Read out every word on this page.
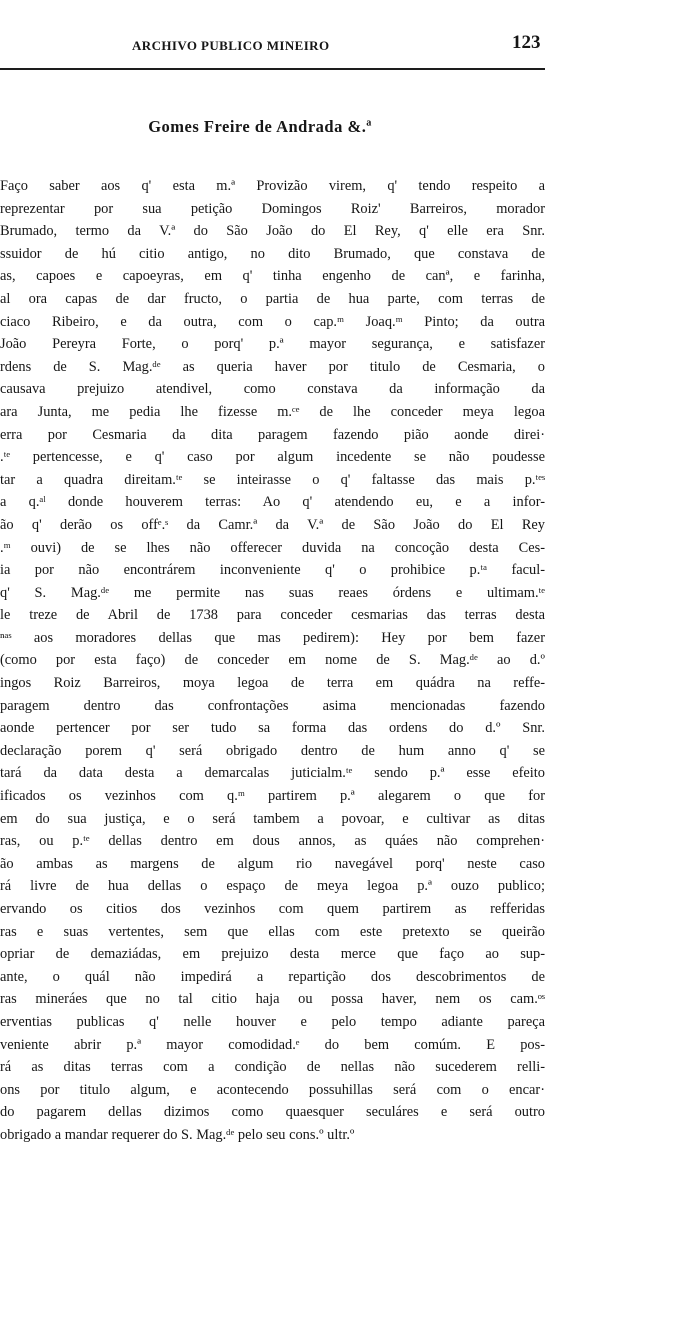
ARCHIVO PUBLICO MINEIRO	123
Gomes Freire de Andrada &.ª
Faço saber aos q' esta m.ª Provizão virem, q' tendo respeito a
reprezentar por sua petição Domingos Roiz' Barreiros, morador
Brumado, termo da V.ª do São João do El Rey, q' elle era Snr.
ssuidor de hú citio antigo, no dito Brumado, que constava de
as, capoes e capoeyras, em q' tinha engenho de canª, e farinha,
al ora capas de dar fructo, o partia de hua parte, com terras de
ciaco Ribeiro, e da outra, com o cap.ᵐ Joaq.ᵐ Pinto; da outra
João Pereyra Forte, o porq' p.ª mayor segurança, e satisfazer
rdens de S. Mag.ᵈᵉ as queria haver por titulo de Cesmaria, o
causava prejuizo atendivel, como constava da informação da
ara Junta, me pedia lhe fizesse m.ᶜᵉ de lhe conceder meya legoa
erra por Cesmaria da dita paragem fazendo pião aonde direi·
.ᵗᵉ pertencesse, e q' caso por algum incedente se não poudesse
tar a quadra direitam.ᵗᵉ se inteirasse o q' faltasse das mais p.ᵗᵉˢ
a q.ᵃˡ donde houverem terras: Ao q' atendendo eu, e a infor-
ão q' derão os offᵉ.ˢ da Camr.ª da V.ª de São João do El Rey
.ᵐ ouvi) de se lhes não offerecer duvida na concoção desta Ces-
ia por não encontrárem inconveniente q' o prohibice p.ᵗᵃ facul-
q' S. Mag.ᵈᵉ me permite nas suas reaes órdens e ultimam.ᵗᵉ
le treze de Abril de 1738 para conceder cesmarias das terras desta
ⁿᵃˢ aos moradores dellas que mas pedirem): Hey por bem fazer
(como por esta faço) de conceder em nome de S. Mag.ᵈᵉ ao d.º
ingos Roiz Barreiros, moya legoa de terra em quádra na reffe-
paragem dentro das confrontações asima mencionadas fazendo
aonde pertencer por ser tudo sa forma das ordens do d.º Snr.
declaração porem q' será obrigado dentro de hum anno q' se
tará da data desta a demarcalas juticialm.ᵗᵉ sendo p.ª esse efeito
ificados os vezinhos com q.ᵐ partirem p.ª alegarem o que for
em do sua justiça, e o será tambem a povoar, e cultivar as ditas
ras, ou p.ᵗᵉ dellas dentro em dous annos, as quáes não comprehen·
ão ambas as margens de algum rio navegável porq' neste caso
rá livre de hua dellas o espaço de meya legoa p.ª ouzo publico;
ervando os citios dos vezinhos com quem partirem as refferidas
ras e suas vertentes, sem que ellas com este pretexto se queirão
opriar de demaziádas, em prejuizo desta merce que faço ao sup-
ante, o quál não impedirá a repartição dos descobrimentos de
ras mineráes que no tal citio haja ou possa haver, nem os cam.ᵒˢ
erventias publicas q' nelle houver e pelo tempo adiante pareça
veniente abrir p.ª mayor comodidad.ᵉ do bem comúm. E pos-
rá as ditas terras com a condição de nellas não sucederem relli-
ons por titulo algum, e acontecendo possuhillas será com o encar·
do pagarem dellas dizimos como quaesquer seculáres e será outro
obrigado a mandar requerer do S. Mag.ᵈᵉ pelo seu cons.º ultr.º
